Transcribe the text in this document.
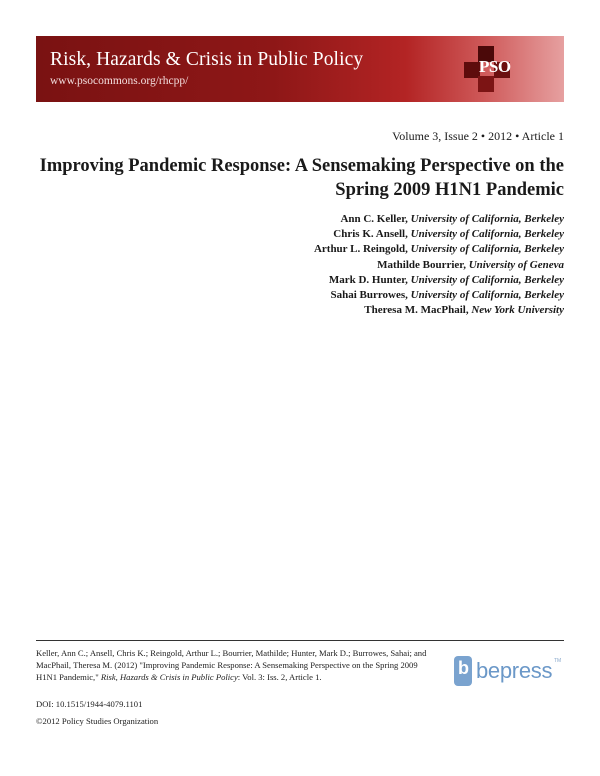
Risk, Hazards & Crisis in Public Policy
www.psocommons.org/rhcpp/
PSO
Volume 3, Issue 2 • 2012 • Article 1
Improving Pandemic Response: A Sensemaking Perspective on the Spring 2009 H1N1 Pandemic
Ann C. Keller, University of California, Berkeley
Chris K. Ansell, University of California, Berkeley
Arthur L. Reingold, University of California, Berkeley
Mathilde Bourrier, University of Geneva
Mark D. Hunter, University of California, Berkeley
Sahai Burrowes, University of California, Berkeley
Theresa M. MacPhail, New York University
Keller, Ann C.; Ansell, Chris K.; Reingold, Arthur L.; Bourrier, Mathilde; Hunter, Mark D.; Burrowes, Sahai; and MacPhail, Theresa M. (2012) "Improving Pandemic Response: A Sensemaking Perspective on the Spring 2009 H1N1 Pandemic," Risk, Hazards & Crisis in Public Policy: Vol. 3: Iss. 2, Article 1.
DOI: 10.1515/1944-4079.1101
©2012 Policy Studies Organization
b bepress TM
